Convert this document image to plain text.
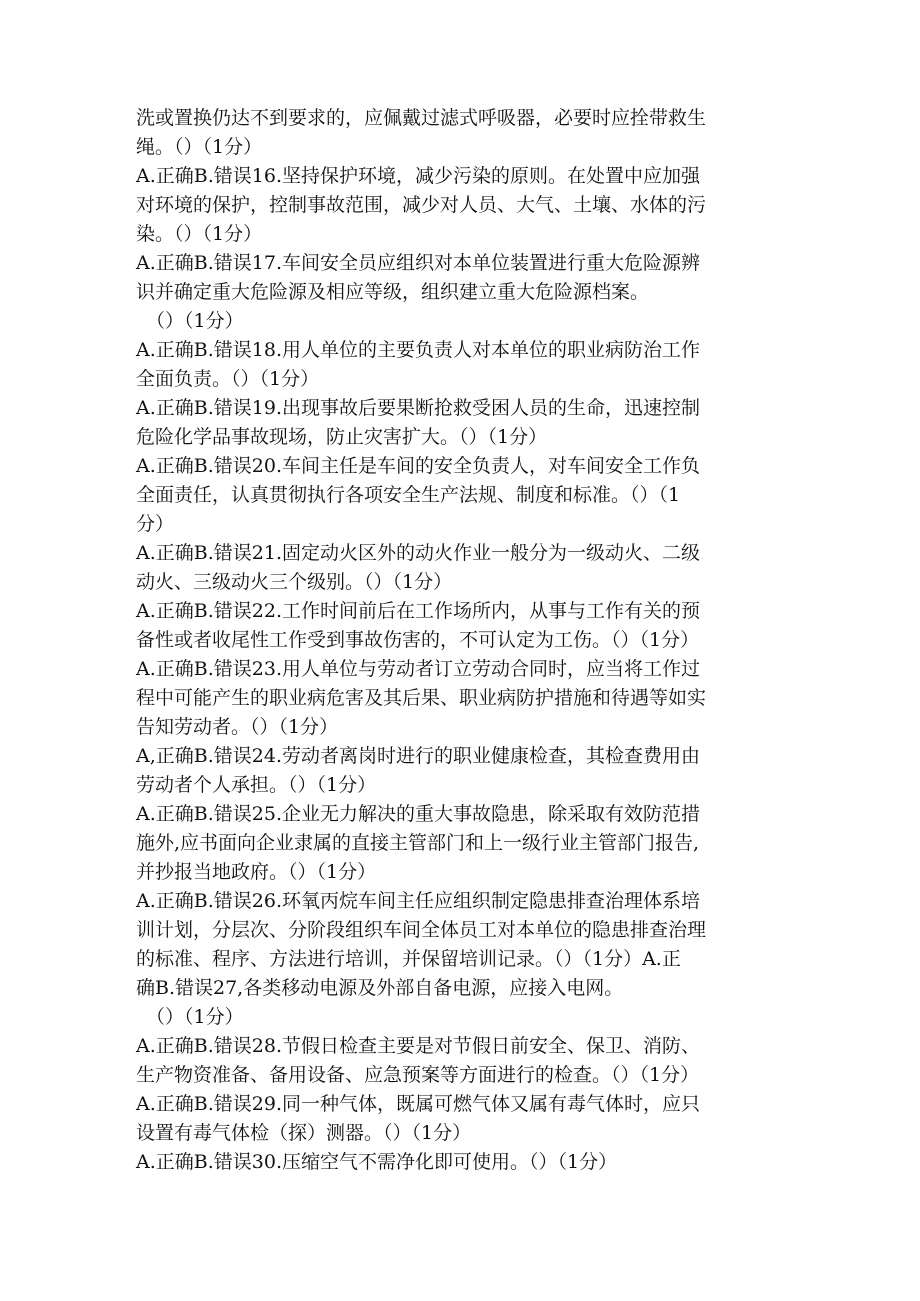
洗或置换仍达不到要求的，应佩戴过滤式呼吸器，必要时应拴带救生
绳。（）（1分）
A.正确B.错误16.坚持保护环境，减少污染的原则。在处置中应加强
对环境的保护，控制事故范围，减少对人员、大气、土壤、水体的污
染。（）（1分）
A.正确B.错误17.车间安全员应组织对本单位装置进行重大危险源辨
识并确定重大危险源及相应等级，组织建立重大危险源档案。
（）（1分）
A.正确B.错误18.用人单位的主要负责人对本单位的职业病防治工作
全面负责。（）（1分）
A.正确B.错误19.出现事故后要果断抢救受困人员的生命，迅速控制
危险化学品事故现场，防止灾害扩大。（）（1分）
A.正确B.错误20.车间主任是车间的安全负责人，对车间安全工作负
全面责任，认真贯彻执行各项安全生产法规、制度和标准。（）（1
分）
A.正确B.错误21.固定动火区外的动火作业一般分为一级动火、二级
动火、三级动火三个级别。（）（1分）
A.正确B.错误22.工作时间前后在工作场所内，从事与工作有关的预
备性或者收尾性工作受到事故伤害的，不可认定为工伤。（）（1分）
A.正确B.错误23.用人单位与劳动者订立劳动合同时，应当将工作过
程中可能产生的职业病危害及其后果、职业病防护措施和待遇等如实
告知劳动者。（）（1分）
A,正确B.错误24.劳动者离岗时进行的职业健康检查，其检查费用由
劳动者个人承担。（）（1分）
A.正确B.错误25.企业无力解决的重大事故隐患，除采取有效防范措
施外,应书面向企业隶属的直接主管部门和上一级行业主管部门报告,
并抄报当地政府。（）（1分）
A.正确B.错误26.环氧丙烷车间主任应组织制定隐患排查治理体系培
训计划，分层次、分阶段组织车间全体员工对本单位的隐患排查治理
的标准、程序、方法进行培训，并保留培训记录。（）（1分）A.正
确B.错误27,各类移动电源及外部自备电源，应接入电网。
（）（1分）
A.正确B.错误28.节假日检查主要是对节假日前安全、保卫、消防、
生产物资准备、备用设备、应急预案等方面进行的检查。（）（1分）
A.正确B.错误29.同一种气体，既属可燃气体又属有毒气体时，应只
设置有毒气体检（探）测器。（）（1分）
A.正确B.错误30.压缩空气不需净化即可使用。（）（1分）
